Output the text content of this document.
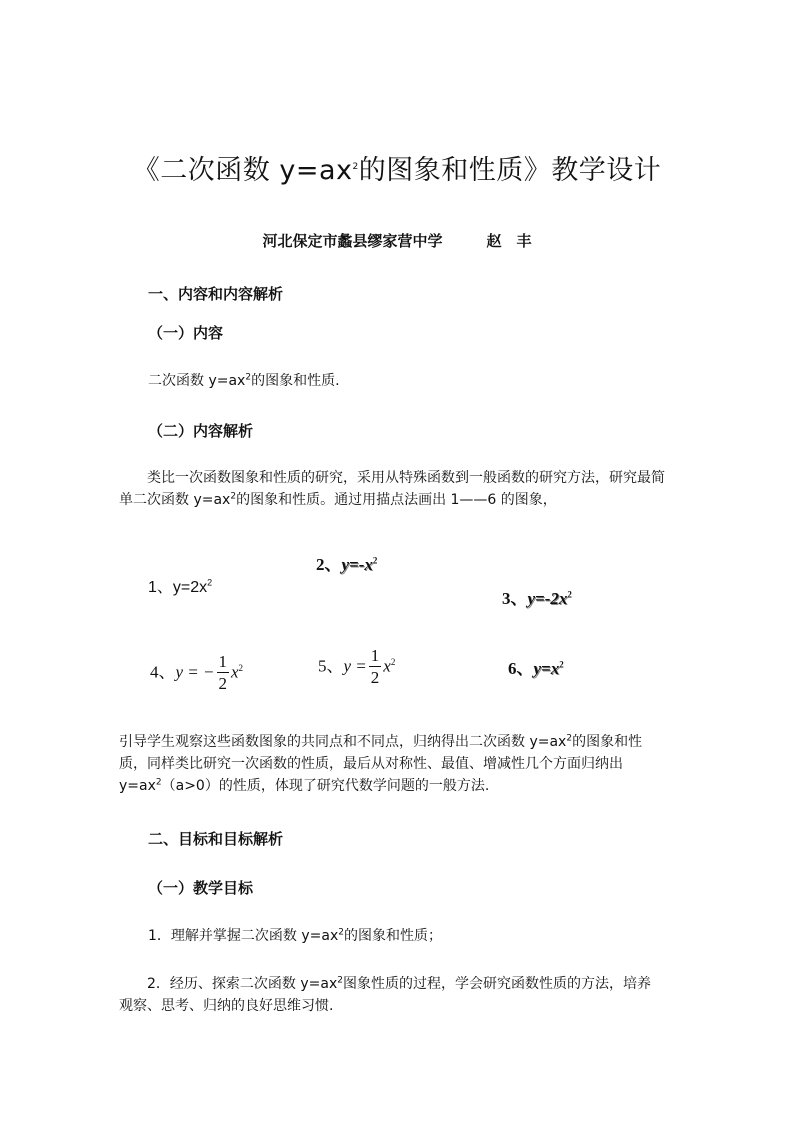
《二次函数 $y=ax^2$的图象和性质》教学设计
河北保定市蠡县缪家营中学	赵　丰
一、内容和内容解析
（一）内容
二次函数 $y=ax^2$的图象和性质.
（二）内容解析
类比一次函数图象和性质的研究，采用从特殊函数到一般函数的研究方法，研究最简单二次函数 $y=ax^2$的图象和性质。通过用描点法画出 1——6 的图象，
1、$y=2x^2$
2、$y=-x^2$
3、$y=-2x^2$
4、y = − $\frac{1}{2} x^2$	5、$y = \frac{1}{2} x^2$	6、$y=x^2$
引导学生观察这些函数图象的共同点和不同点，归纳得出二次函数 $y=ax^2$的图象和性质，同样类比研究一次函数的性质，最后从对称性、最值、增减性几个方面归纳出 $y=ax^2(a>0)$的性质，体现了研究代数学问题的一般方法.
二、目标和目标解析
（一）教学目标
1．理解并掌握二次函数 $y=ax^2$的图象和性质；
2．经历、探索二次函数 $y=ax^2$图象性质的过程，学会研究函数性质的方法，培养观察、思考、归纳的良好思维习惯.
